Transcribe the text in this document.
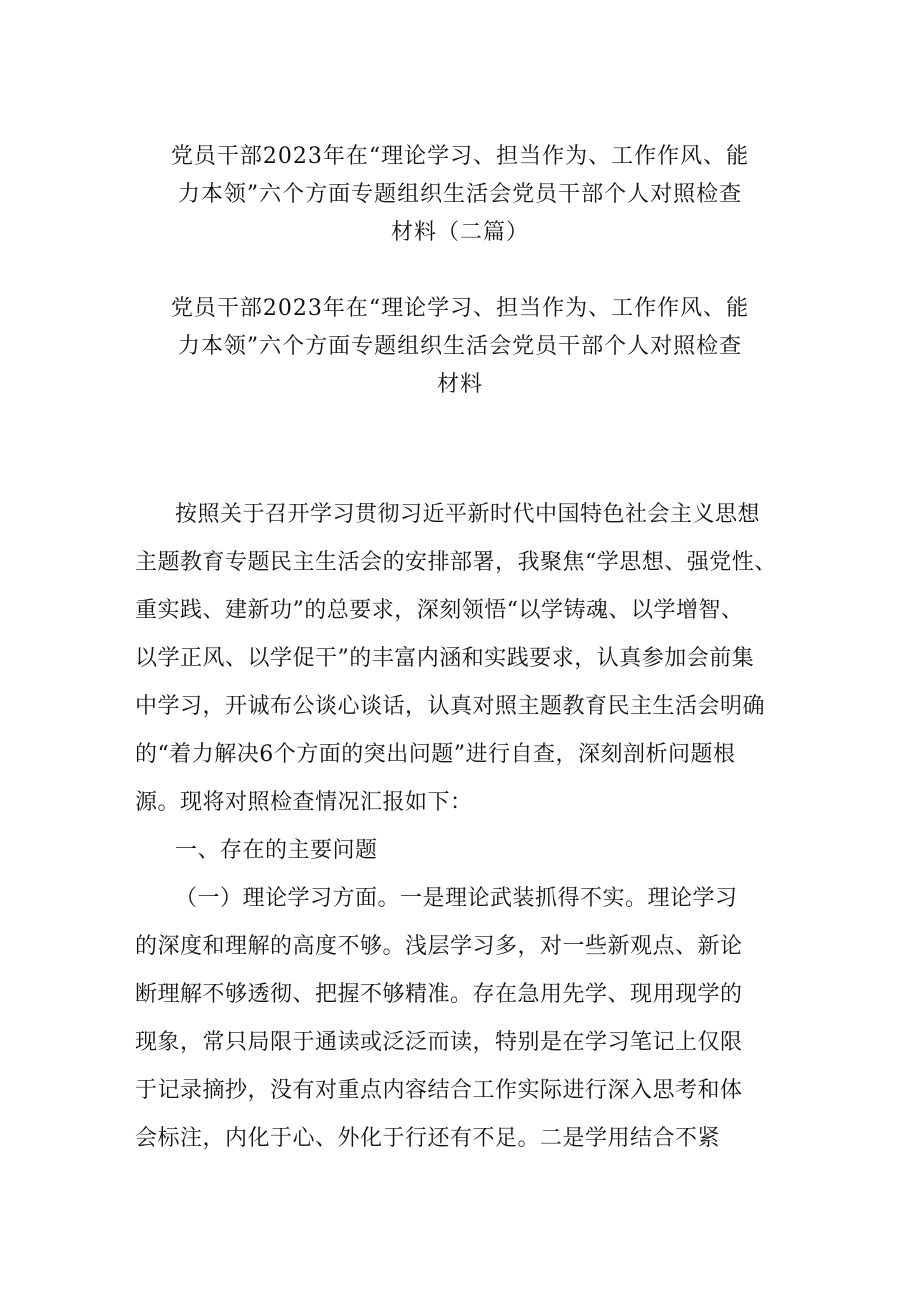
党员干部2023年在“理论学习、担当作为、工作作风、能
力本领”六个方面专题组织生活会党员干部个人对照检查
材料（二篇）
党员干部2023年在“理论学习、担当作为、工作作风、能
力本领”六个方面专题组织生活会党员干部个人对照检查
材料
按照关于召开学习贯彻习近平新时代中国特色社会主义思想
主题教育专题民主生活会的安排部署，我聚焦“学思想、强党性、
重实践、建新功”的总要求，深刻领悟“以学铸魂、以学增智、
以学正风、以学促干”的丰富内涵和实践要求，认真参加会前集
中学习，开诚布公谈心谈话，认真对照主题教育民主生活会明确
的“着力解决6个方面的突出问题”进行自查，深刻剖析问题根
源。现将对照检查情况汇报如下：
一、存在的主要问题
（一）理论学习方面。一是理论武装抓得不实。理论学习
的深度和理解的高度不够。浅层学习多，对一些新观点、新论
断理解不够透彻、把握不够精准。存在急用先学、现用现学的
现象，常只局限于通读或泛泛而读，特别是在学习笔记上仅限
于记录摘抄，没有对重点内容结合工作实际进行深入思考和体
会标注，内化于心、外化于行还有不足。二是学用结合不紧
